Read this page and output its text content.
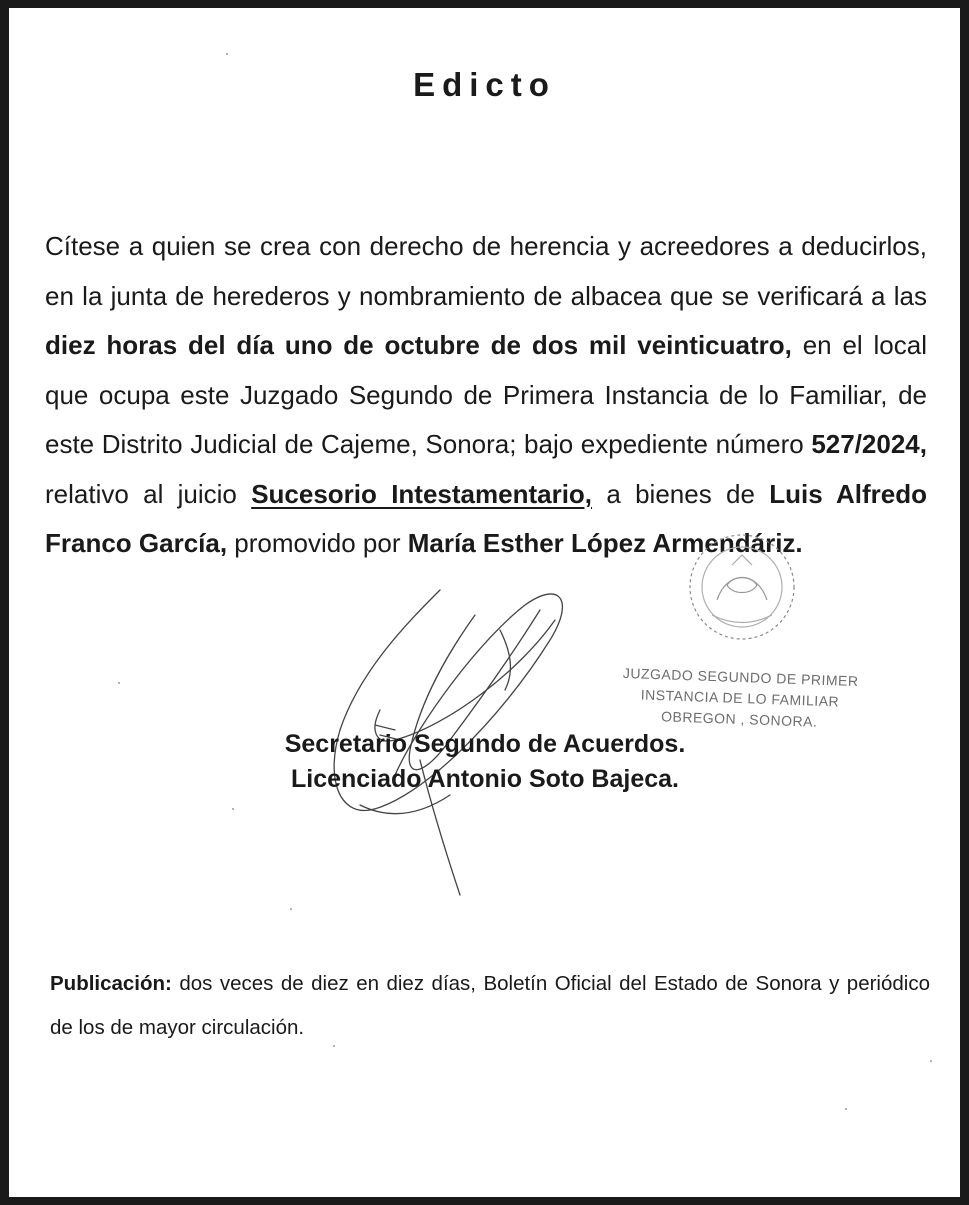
Edicto
Cítese a quien se crea con derecho de herencia y acreedores a deducirlos, en la junta de herederos y nombramiento de albacea que se verificará a las diez horas del día uno de octubre de dos mil veinticuatro, en el local que ocupa este Juzgado Segundo de Primera Instancia de lo Familiar, de este Distrito Judicial de Cajeme, Sonora; bajo expediente número 527/2024, relativo al juicio Sucesorio Intestamentario, a bienes de Luis Alfredo Franco García, promovido por María Esther López Armendáriz.
JUZGADO SEGUNDO DE PRIMER
INSTANCIA DE LO FAMILIAR
OBREGON , SONORA.
Secretario Segundo de Acuerdos.
Licenciado Antonio Soto Bajeca.
Publicación: dos veces de diez en diez días, Boletín Oficial del Estado de Sonora y periódico de los de mayor circulación.
